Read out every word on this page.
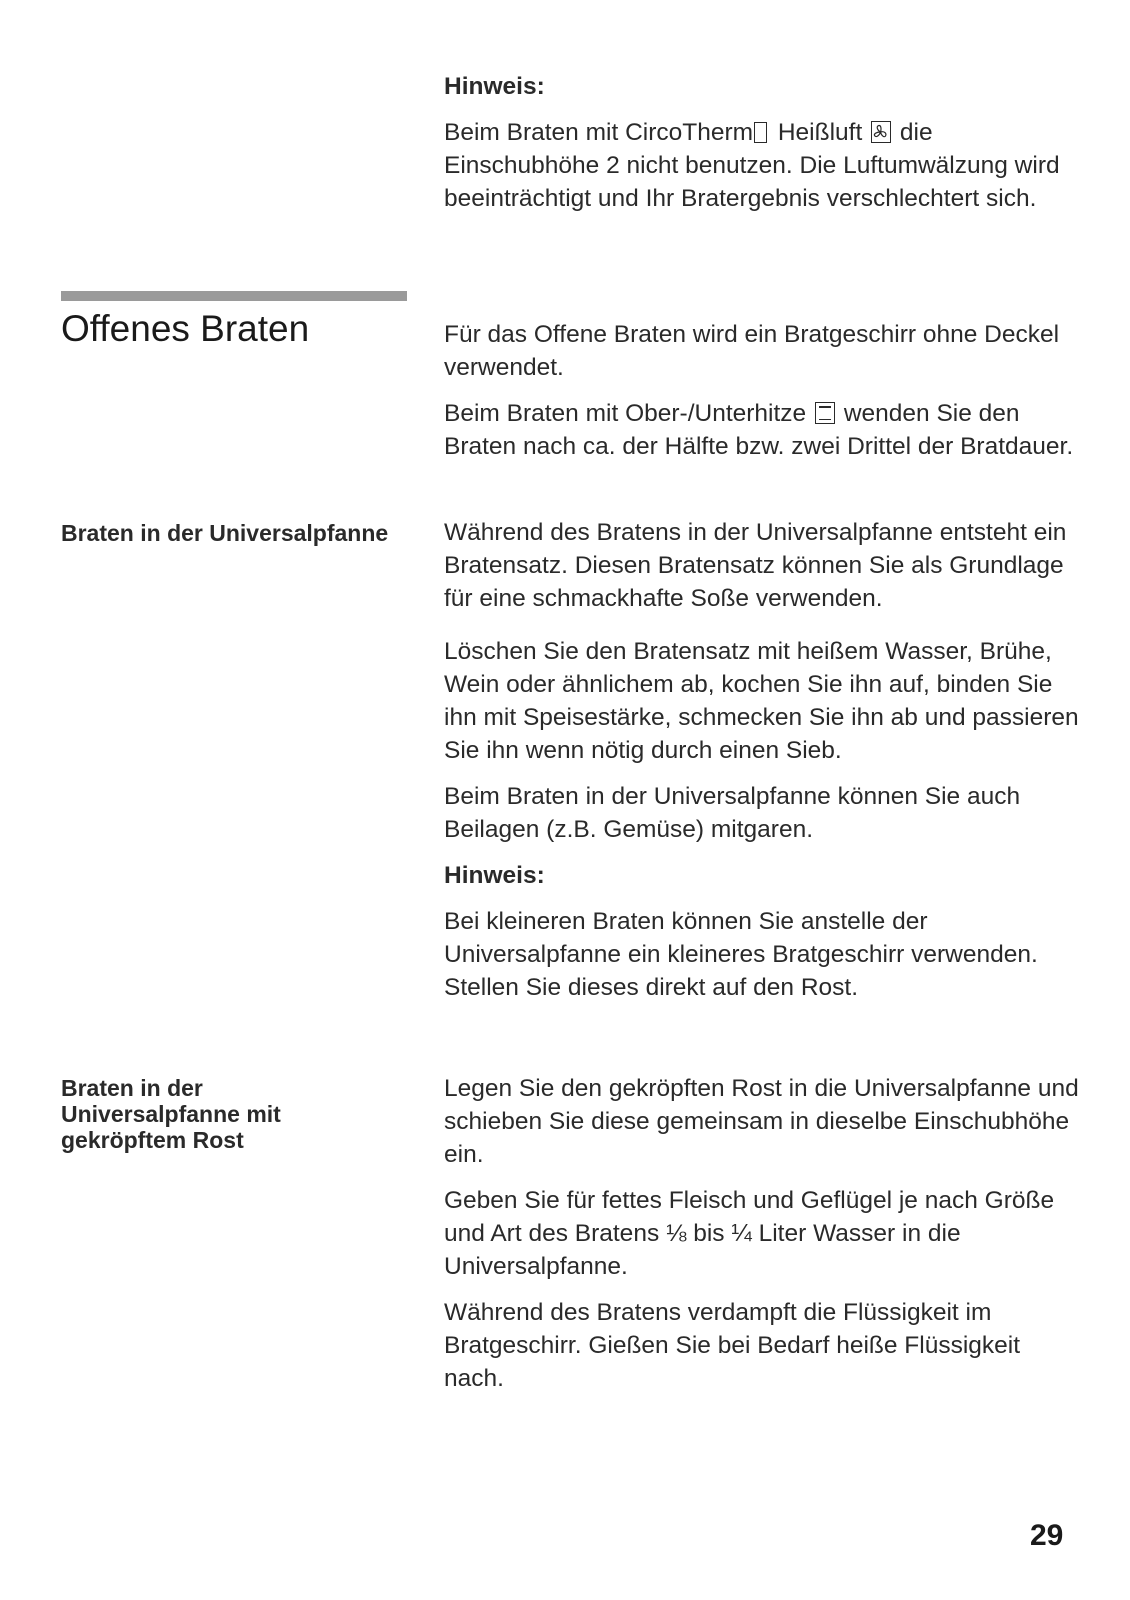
Hinweis:

Beim Braten mit CircoTherm Heißluft die Einschubhöhe 2 nicht benutzen. Die Luftumwälzung wird beeinträchtigt und Ihr Bratergebnis verschlechtert sich.

Offenes Braten	Für das Offene Braten wird ein Bratgeschirr ohne Deckel verwendet.

Beim Braten mit Ober-/Unterhitze wenden Sie den Braten nach ca. der Hälfte bzw. zwei Drittel der Bratdauer.

Braten in der Universalpfanne	Während des Bratens in der Universalpfanne entsteht ein Bratensatz. Diesen Bratensatz können Sie als Grundlage für eine schmackhafte Soße verwenden.

Löschen Sie den Bratensatz mit heißem Wasser, Brühe, Wein oder ähnlichem ab, kochen Sie ihn auf, binden Sie ihn mit Speisestärke, schmecken Sie ihn ab und passieren Sie ihn wenn nötig durch einen Sieb.

Beim Braten in der Universalpfanne können Sie auch Beilagen (z.B. Gemüse) mitgaren.

Hinweis:

Bei kleineren Braten können Sie anstelle der Universalpfanne ein kleineres Bratgeschirr verwenden. Stellen Sie dieses direkt auf den Rost.

Braten in der Universalpfanne mit gekröpftem Rost

Legen Sie den gekröpften Rost in die Universalpfanne und schieben Sie diese gemeinsam in dieselbe Einschubhöhe ein.

Geben Sie für fettes Fleisch und Geflügel je nach Größe und Art des Bratens ⅛ bis ¼ Liter Wasser in die Universalpfanne.

Während des Bratens verdampft die Flüssigkeit im Bratgeschirr. Gießen Sie bei Bedarf heiße Flüssigkeit nach.

29
